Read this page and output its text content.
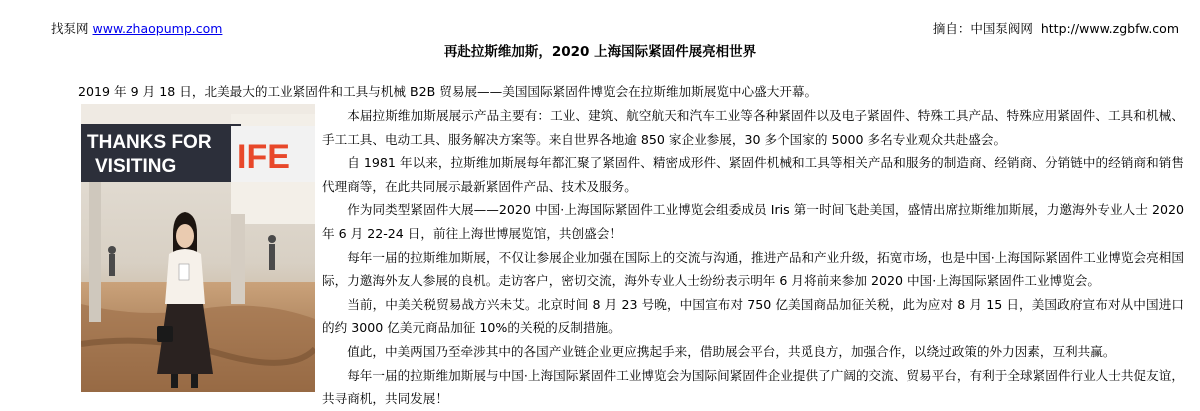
找泵网 www.zhaopump.com	摘自：中国泵阀网 http://www.zgbfw.com
再赴拉斯维加斯，2020 上海国际紧固件展亮相世界
2019 年 9 月 18 日，北美最大的工业紧固件和工具与机械 B2B 贸易展——美国国际紧固件博览会在拉斯维加斯展览中心盛大开幕。
THANKS FOR
VISITING IFE

本届拉斯维加斯展展示产品主要有：工业、建筑、航空航天和汽车工业等各种紧固件以及电子紧固件、特殊工具产品、特殊应用紧固件、工具和机械、手工工具、电动工具、服务解决方案等。来自世界各地逾 850 家企业参展，30 多个国家的 5000 多名专业观众共赴盛会。

自 1981 年以来，拉斯维加斯展每年都汇聚了紧固件、精密成形件、紧固件机械和工具等相关产品和服务的制造商、经销商、分销链中的经销商和销售代理商等，在此共同展示最新紧固件产品、技术及服务。

作为同类型紧固件大展——2020 中国·上海国际紧固件工业博览会组委成员 Iris 第一时间飞赴美国，盛情出席拉斯维加斯展，力邀海外专业人士 2020 年 6 月 22-24 日，前往上海世博展览馆，共创盛会！

每年一届的拉斯维加斯展，不仅让参展企业加强在国际上的交流与沟通，推进产品和产业升级，拓宽市场，也是中国·上海国际紧固件工业博览会亮相国际，力邀海外友人参展的良机。走访客户，密切交流，海外专业人士纷纷表示明年 6 月将前来参加 2020 中国·上海国际紧固件工业博览会。

当前，中美关税贸易战方兴未艾。北京时间 8 月 23 号晚，中国宣布对 750 亿美国商品加征关税，此为应对 8 月 15 日，美国政府宣布对从中国进口的约 3000 亿美元商品加征 10%的关税的反制措施。

值此，中美两国乃至牵涉其中的各国产业链企业更应携起手来，借助展会平台，共觅良方，加强合作，以绕过政策的外力因素，互利共赢。

每年一届的拉斯维加斯展与中国·上海国际紧固件工业博览会为国际间紧固件企业提供了广阔的交流、贸易平台，有利于全球紧固件行业人士共促友谊，共寻商机，共同发展！
